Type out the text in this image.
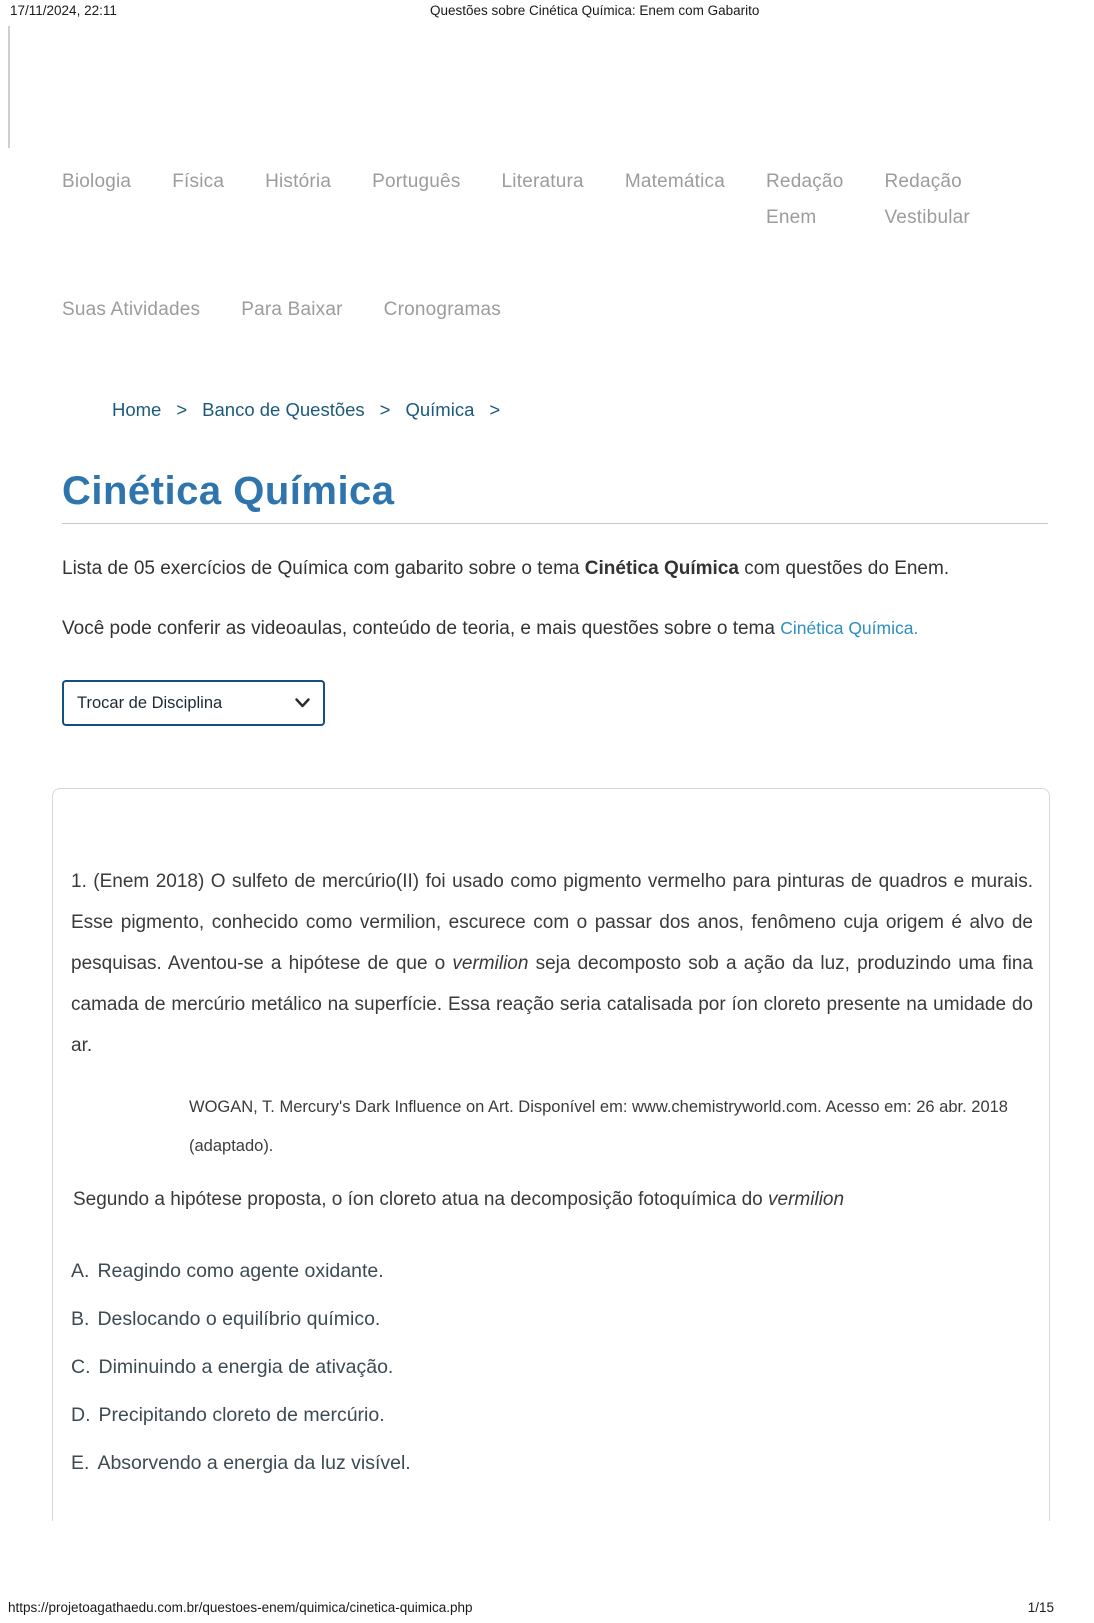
17/11/2024, 22:11	Questões sobre Cinética Química: Enem com Gabarito
Biologia Física História Português Literatura Matemática Redação
Enem
Redação
Vestibular
Suas Atividades Para Baixar Cronogramas
Home > Banco de Questões > Química >
Cinética Química

Lista de 05 exercícios de Química com gabarito sobre o tema Cinética Química com questões do Enem.

Você pode conferir as videoaulas, conteúdo de teoria, e mais questões sobre o tema Cinética Química.

Trocar de Disciplina

1. (Enem 2018) O sulfeto de mercúrio(II) foi usado como pigmento vermelho para pinturas de quadros e murais. Esse pigmento, conhecido como vermilion, escurece com o passar dos anos, fenômeno cuja origem é alvo de pesquisas. Aventou-se a hipótese de que o vermilion seja decomposto sob a ação da luz, produzindo uma fina camada de mercúrio metálico na superfície. Essa reação seria catalisada por íon cloreto presente na umidade do ar.

WOGAN, T. Mercury's Dark Influence on Art. Disponível em: www.chemistryworld.com. Acesso em: 26 abr. 2018 (adaptado).

Segundo a hipótese proposta, o íon cloreto atua na decomposição fotoquímica do vermilion

A. Reagindo como agente oxidante.
B. Deslocando o equilíbrio químico.
C. Diminuindo a energia de ativação.
D. Precipitando cloreto de mercúrio.
E. Absorvendo a energia da luz visível.
https://projetoagathaedu.com.br/questoes-enem/quimica/cinetica-quimica.php	1/15
